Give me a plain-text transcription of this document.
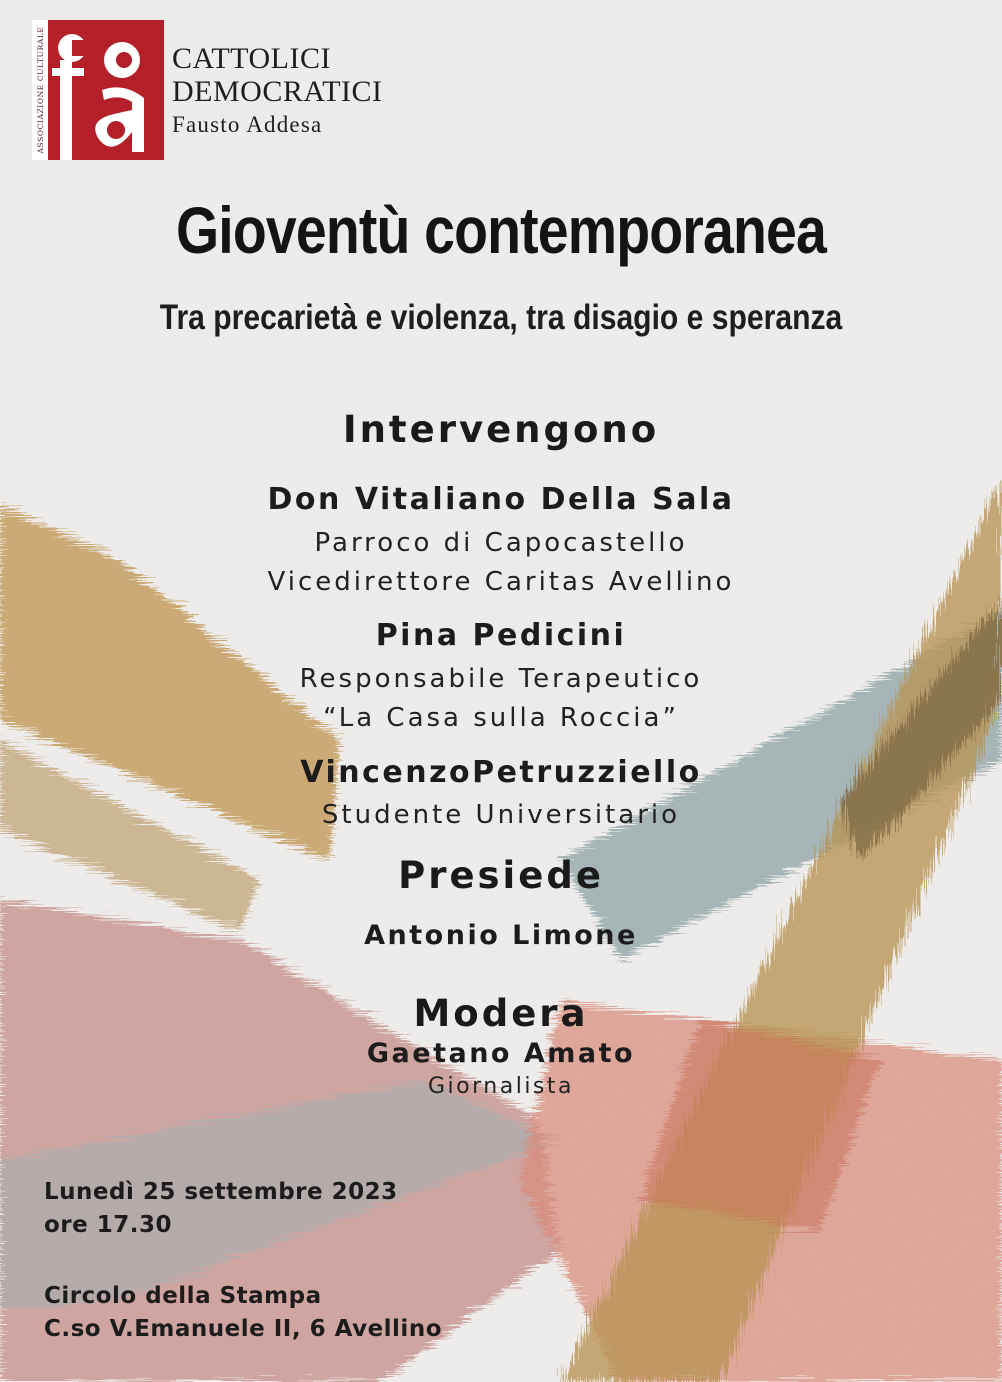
ASSOCIAZIONE CULTURALE	CATTOLICI
DEMOCRATICI
Fausto Addesa
Gioventù contemporanea
Tra precarietà e violenza, tra disagio e speranza
Intervengono
Don Vitaliano Della Sala
Parroco di Capocastello
Vicedirettore Caritas Avellino
Pina Pedicini
Responsabile Terapeutico
“La Casa sulla Roccia”
VincenzoPetruzziello
Studente Universitario
Presiede
Antonio Limone
Modera
Gaetano Amato
Giornalista
Lunedì 25 settembre 2023
ore 17.30
Circolo della Stampa
C.so V.Emanuele II, 6 Avellino
